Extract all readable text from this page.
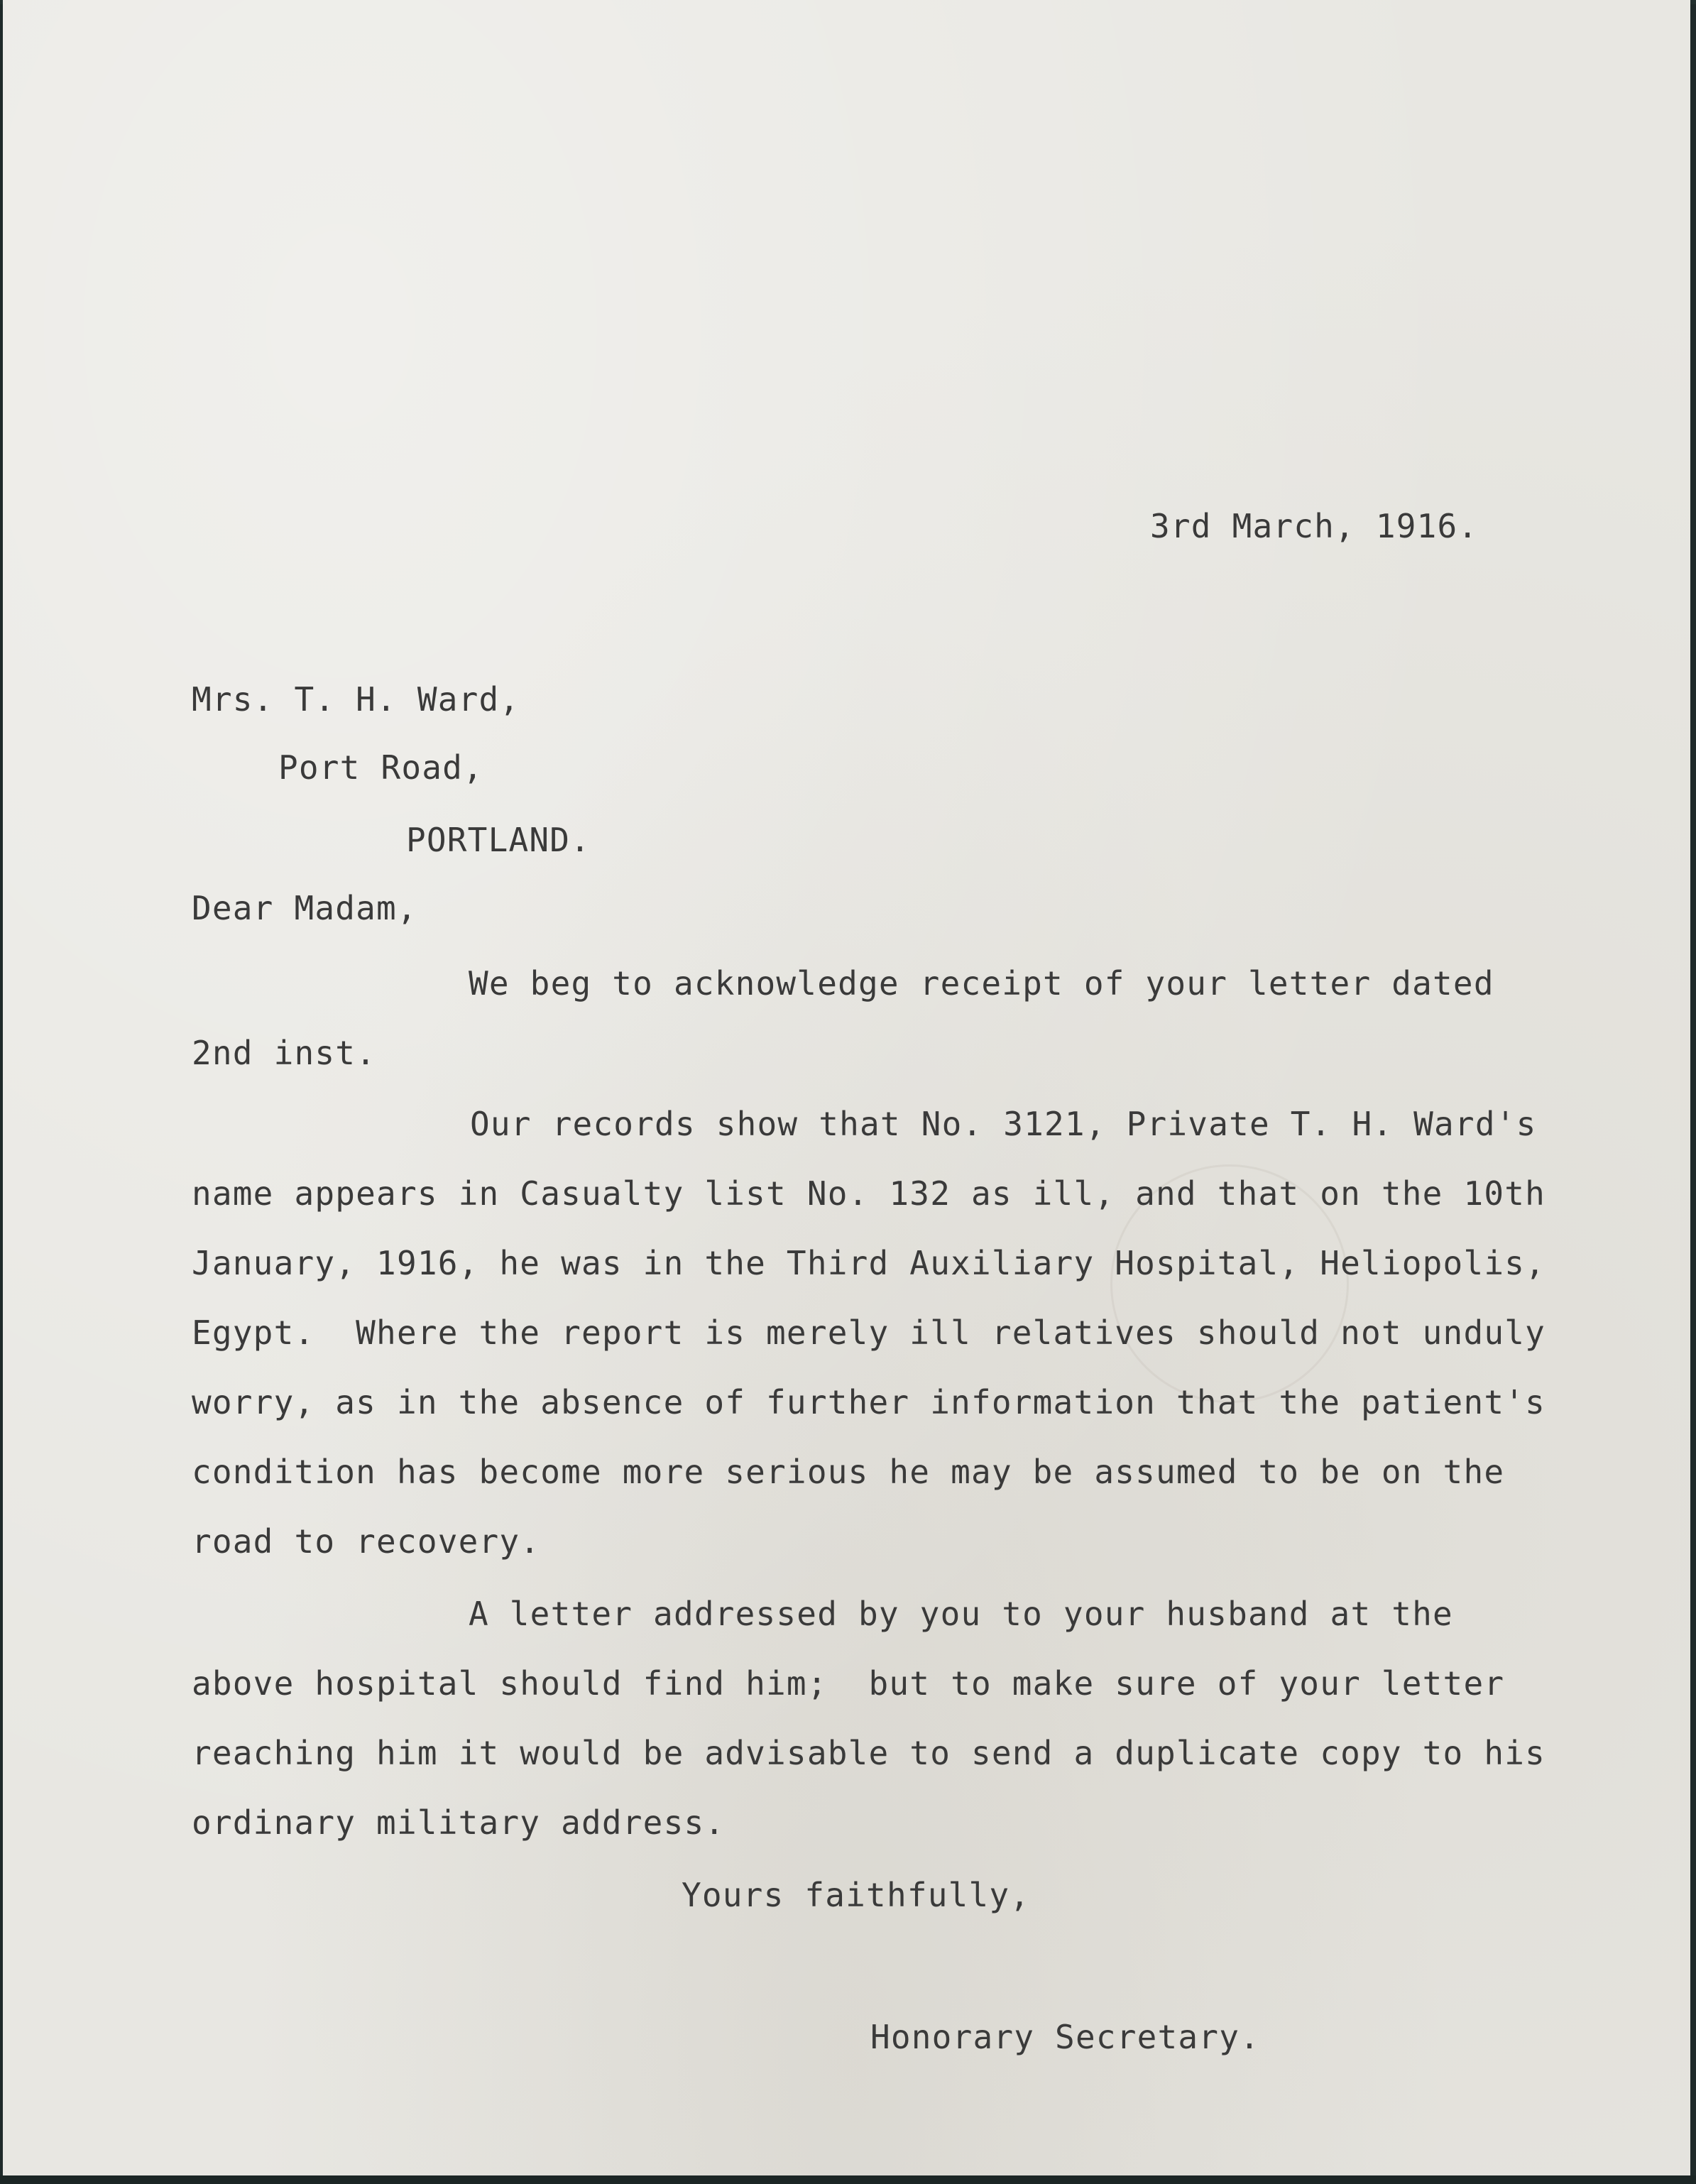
3rd March, 1916.

Mrs. T. H. Ward,

Port Road,

PORTLAND.

Dear Madam,

We beg to acknowledge receipt of your letter dated

2nd inst.

Our records show that No. 3121, Private T. H. Ward's

name appears in Casualty list No. 132 as ill, and that on the 10th

January, 1916, he was in the Third Auxiliary Hospital, Heliopolis,

Egypt.  Where the report is merely ill relatives should not unduly

worry, as in the absence of further information that the patient's

condition has become more serious he may be assumed to be on the

road to recovery.

A letter addressed by you to your husband at the

above hospital should find him;  but to make sure of your letter

reaching him it would be advisable to send a duplicate copy to his

ordinary military address.

Yours faithfully,

Honorary Secretary.
